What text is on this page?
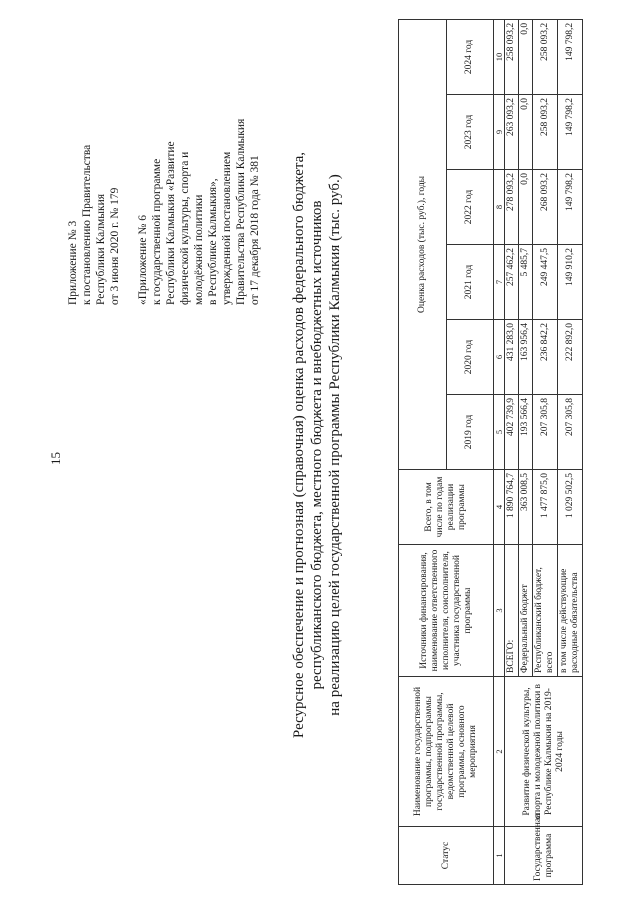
15
Приложение № 3 к постановлению Правительства Республики Калмыкия от 3 июня 2020 г. № 179 «Приложение № 6 к государственной программе Республики Калмыкия «Развитие физической культуры, спорта и молодёжной политики в Республике Калмыкия», утвержденной постановлением Правительства Республики Калмыкия от 17 декабря 2018 года № 381 Ресурсное обеспечение и прогнозная (справочная) оценка расходов федерального бюджета, республиканского бюджета, местного бюджета и внебюджетных источников на реализацию целей государственной программы Республики Калмыкия (тыс. руб.)
Статус	Наименование государственной программы, подпрограммы государственной программы, ведомственной целевой программы, основного мероприятия	Источники финансирования, наименование ответственного исполнителя, соисполнителя, участника государственной программы	Всего, в том числе по годам реализации программы	Оценка расходов (тыс. руб.), годы					
				2019 год	2020 год	2021 год	2022 год	2023 год	2024 год
1	2	3	4	5	6	7	8	9	10
Государственная программа	Развитие физической культуры, спорта и молодежной политики в Республике Калмыкия на 2019-2024 годы	ВСЕГО:	1 890 764,7	402 739,9	431 283,0	257 462,2	278 093,2	263 093,2	258 093,2
		Федеральный бюджет	363 008,5	193 566,4	163 956,4	5 485,7	0,0	0,0	0,0
		Республиканский бюджет, всего	1 477 875,0	207 305,8	236 842,2	249 447,5	268 093,2	258 093,2	258 093,2
		в том числе действующие расходные обязательства	1 029 502,5	207 305,8	222 892,0	149 910,2	149 798,2	149 798,2	149 798,2
